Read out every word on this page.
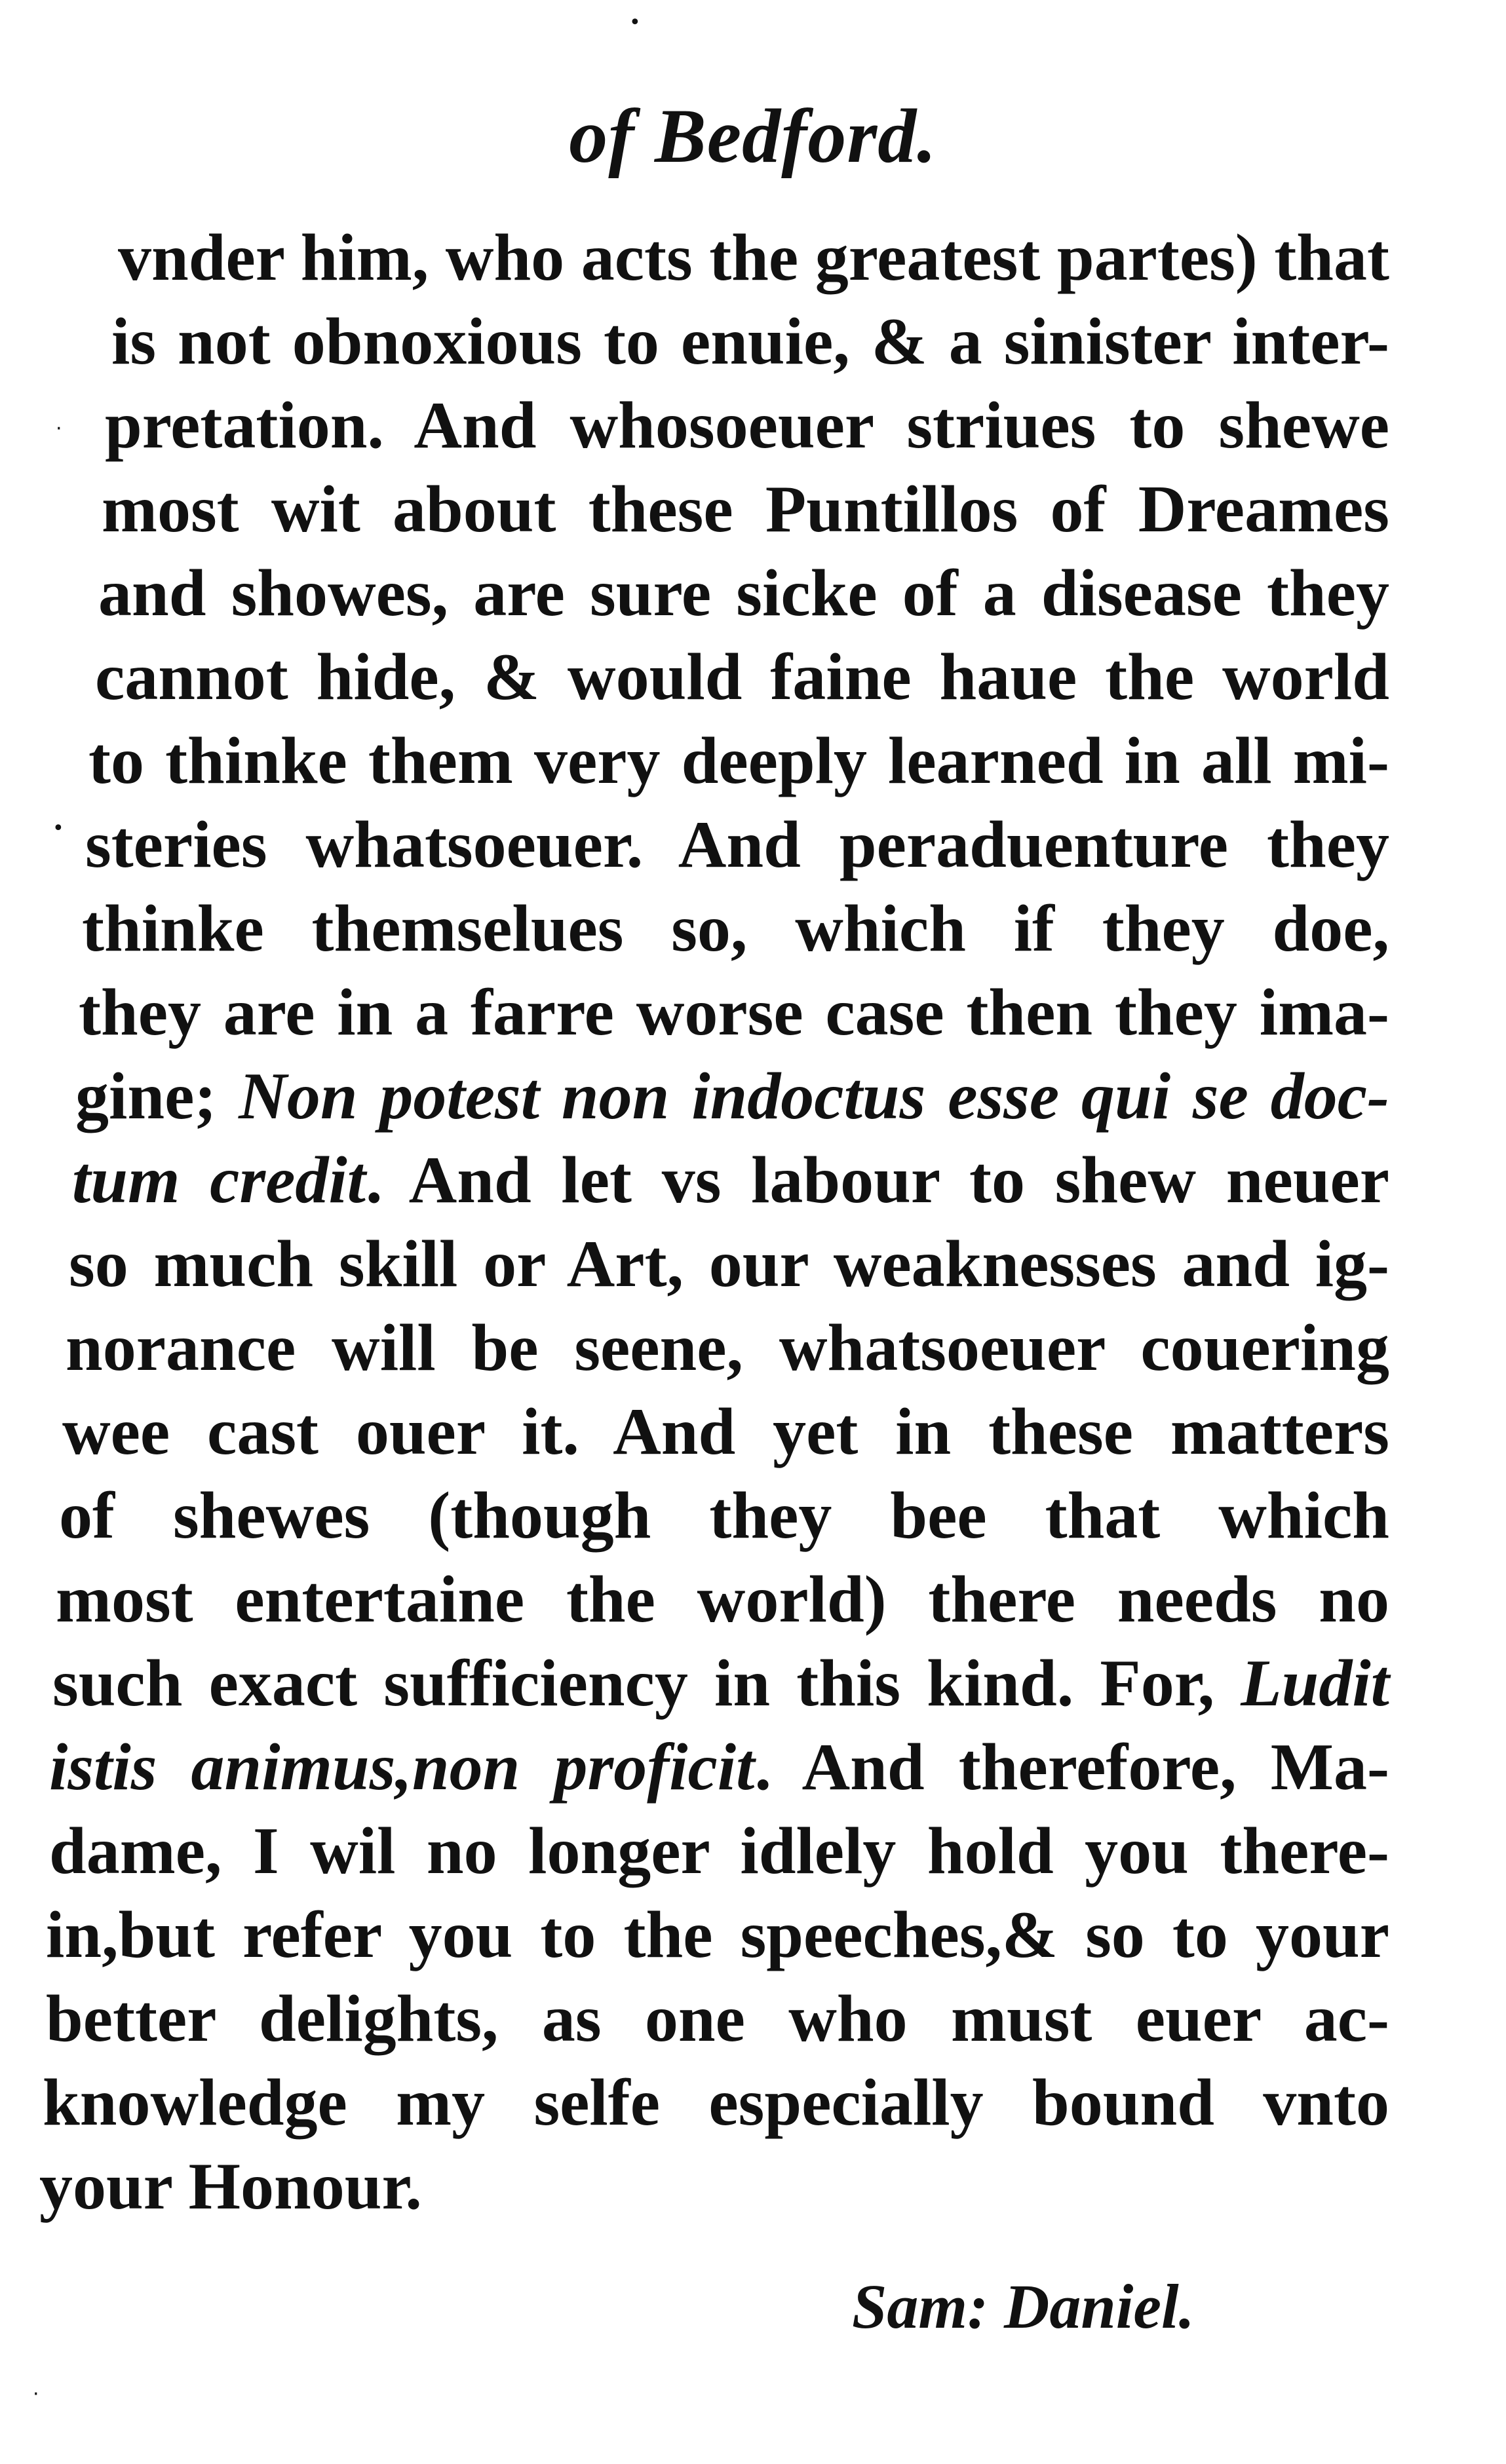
•
·
•
·
of Bedford.
vnder him, who acts the greatest partes) that
is not obnoxious to enuie, & a sinister inter-
pretation. And whosoeuer striues to shewe
most wit about these Puntillos of Dreames
and showes, are sure sicke of a disease they
cannot hide, & would faine haue the world
to thinke them very deeply learned in all mi-
steries whatsoeuer. And peraduenture they
thinke themselues so, which if they doe,
they are in a farre worse case then they ima-
gine; Non potest non indoctus esse qui se doc-
tum credit. And let vs labour to shew neuer
so much skill or Art, our weaknesses and ig-
norance will be seene, whatsoeuer couering
wee cast ouer it. And yet in these matters
of shewes (though they bee that which
most entertaine the world) there needs no
such exact sufficiency in this kind. For, Ludit
istis animus,non proficit. And therefore, Ma-
dame, I wil no longer idlely hold you there-
in,but refer you to the speeches,& so to your
better delights, as one who must euer ac-
knowledge my selfe especially bound vnto
your Honour.
Sam: Daniel.
